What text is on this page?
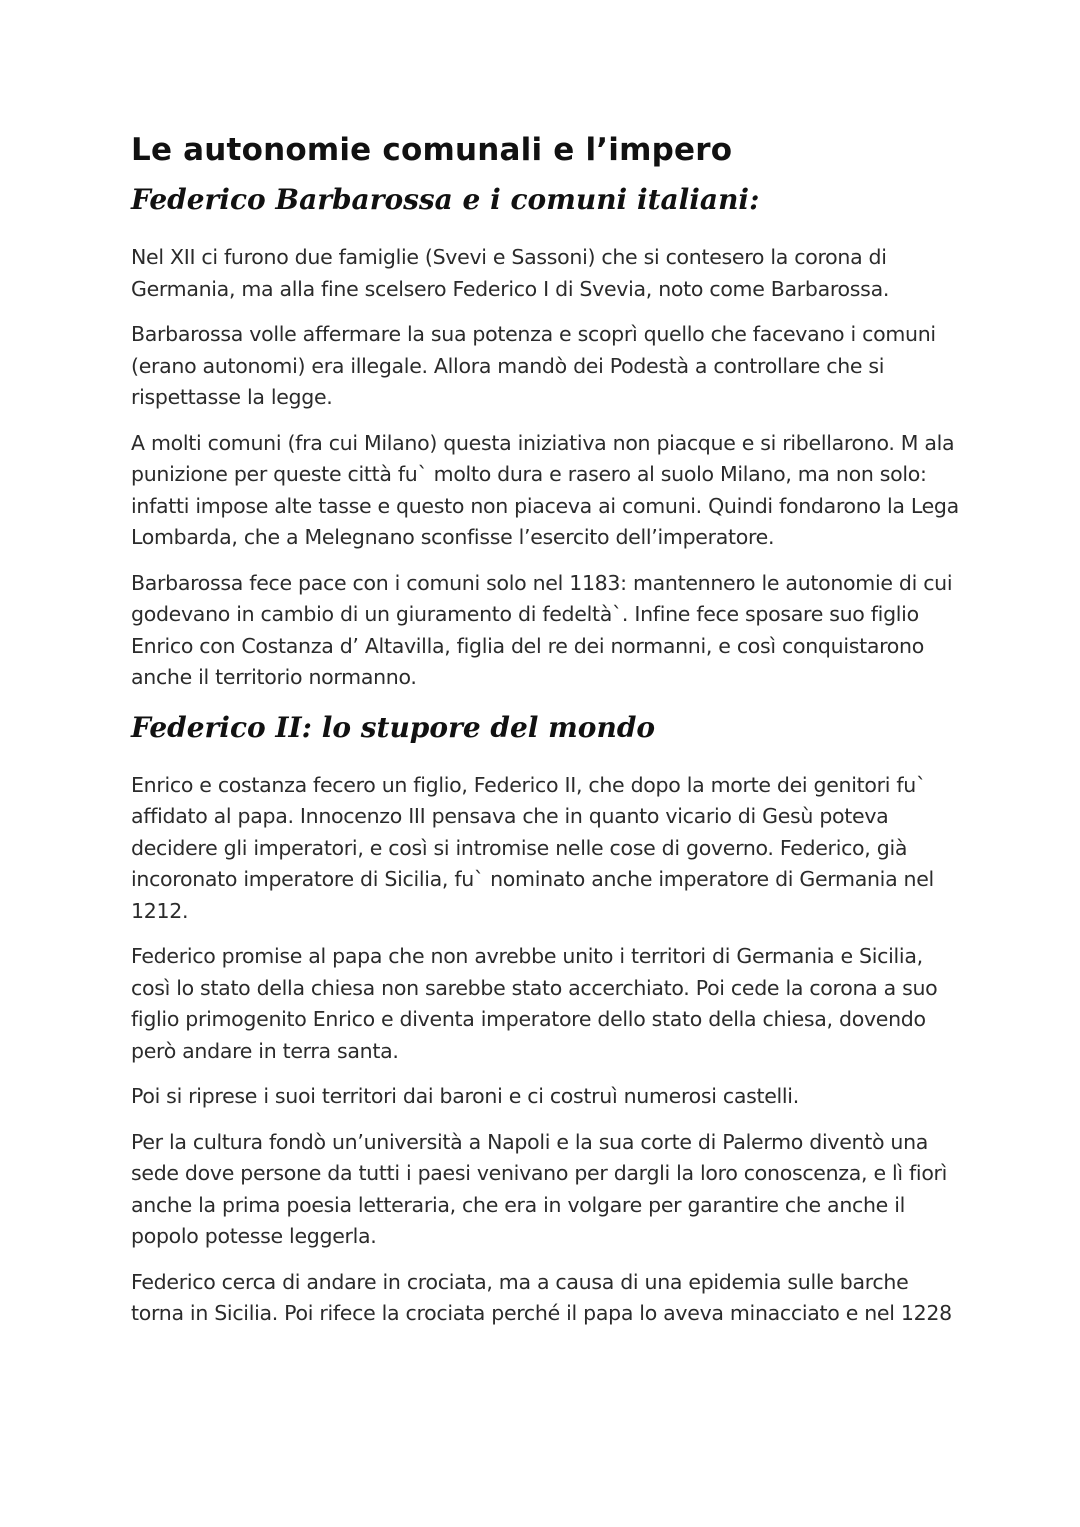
Le autonomie comunali e l’impero
Federico Barbarossa e i comuni italiani:

Nel XII ci furono due famiglie (Svevi e Sassoni) che si contesero la corona di Germania, ma alla fine scelsero Federico I di Svevia, noto come Barbarossa.

Barbarossa volle affermare la sua potenza e scoprì quello che facevano i comuni (erano autonomi) era illegale. Allora mandò dei Podestà a controllare che si rispettasse la legge.

A molti comuni (fra cui Milano) questa iniziativa non piacque e si ribellarono. M ala punizione per queste città fu` molto dura e rasero al suolo Milano, ma non solo: infatti impose alte tasse e questo non piaceva ai comuni. Quindi fondarono la Lega Lombarda, che a Melegnano sconfisse l’esercito dell’imperatore.

Barbarossa fece pace con i comuni solo nel 1183: mantennero le autonomie di cui godevano in cambio di un giuramento di fedeltà`. Infine fece sposare suo figlio Enrico con Costanza d’ Altavilla, figlia del re dei normanni, e così conquistarono anche il territorio normanno.

Federico II: lo stupore del mondo

Enrico e costanza fecero un figlio, Federico II, che dopo la morte dei genitori fu` affidato al papa. Innocenzo III pensava che in quanto vicario di Gesù poteva decidere gli imperatori, e così si intromise nelle cose di governo. Federico, già incoronato imperatore di Sicilia, fu` nominato anche imperatore di Germania nel 1212.

Federico promise al papa che non avrebbe unito i territori di Germania e Sicilia, così lo stato della chiesa non sarebbe stato accerchiato. Poi cede la corona a suo figlio primogenito Enrico e diventa imperatore dello stato della chiesa, dovendo però andare in terra santa.

Poi si riprese i suoi territori dai baroni e ci costruì numerosi castelli.

Per la cultura fondò un’università a Napoli e la sua corte di Palermo diventò una sede dove persone da tutti i paesi venivano per dargli la loro conoscenza, e lì fiorì anche la prima poesia letteraria, che era in volgare per garantire che anche il popolo potesse leggerla.

Federico cerca di andare in crociata, ma a causa di una epidemia sulle barche torna in Sicilia. Poi rifece la crociata perché il papa lo aveva minacciato e nel 1228
